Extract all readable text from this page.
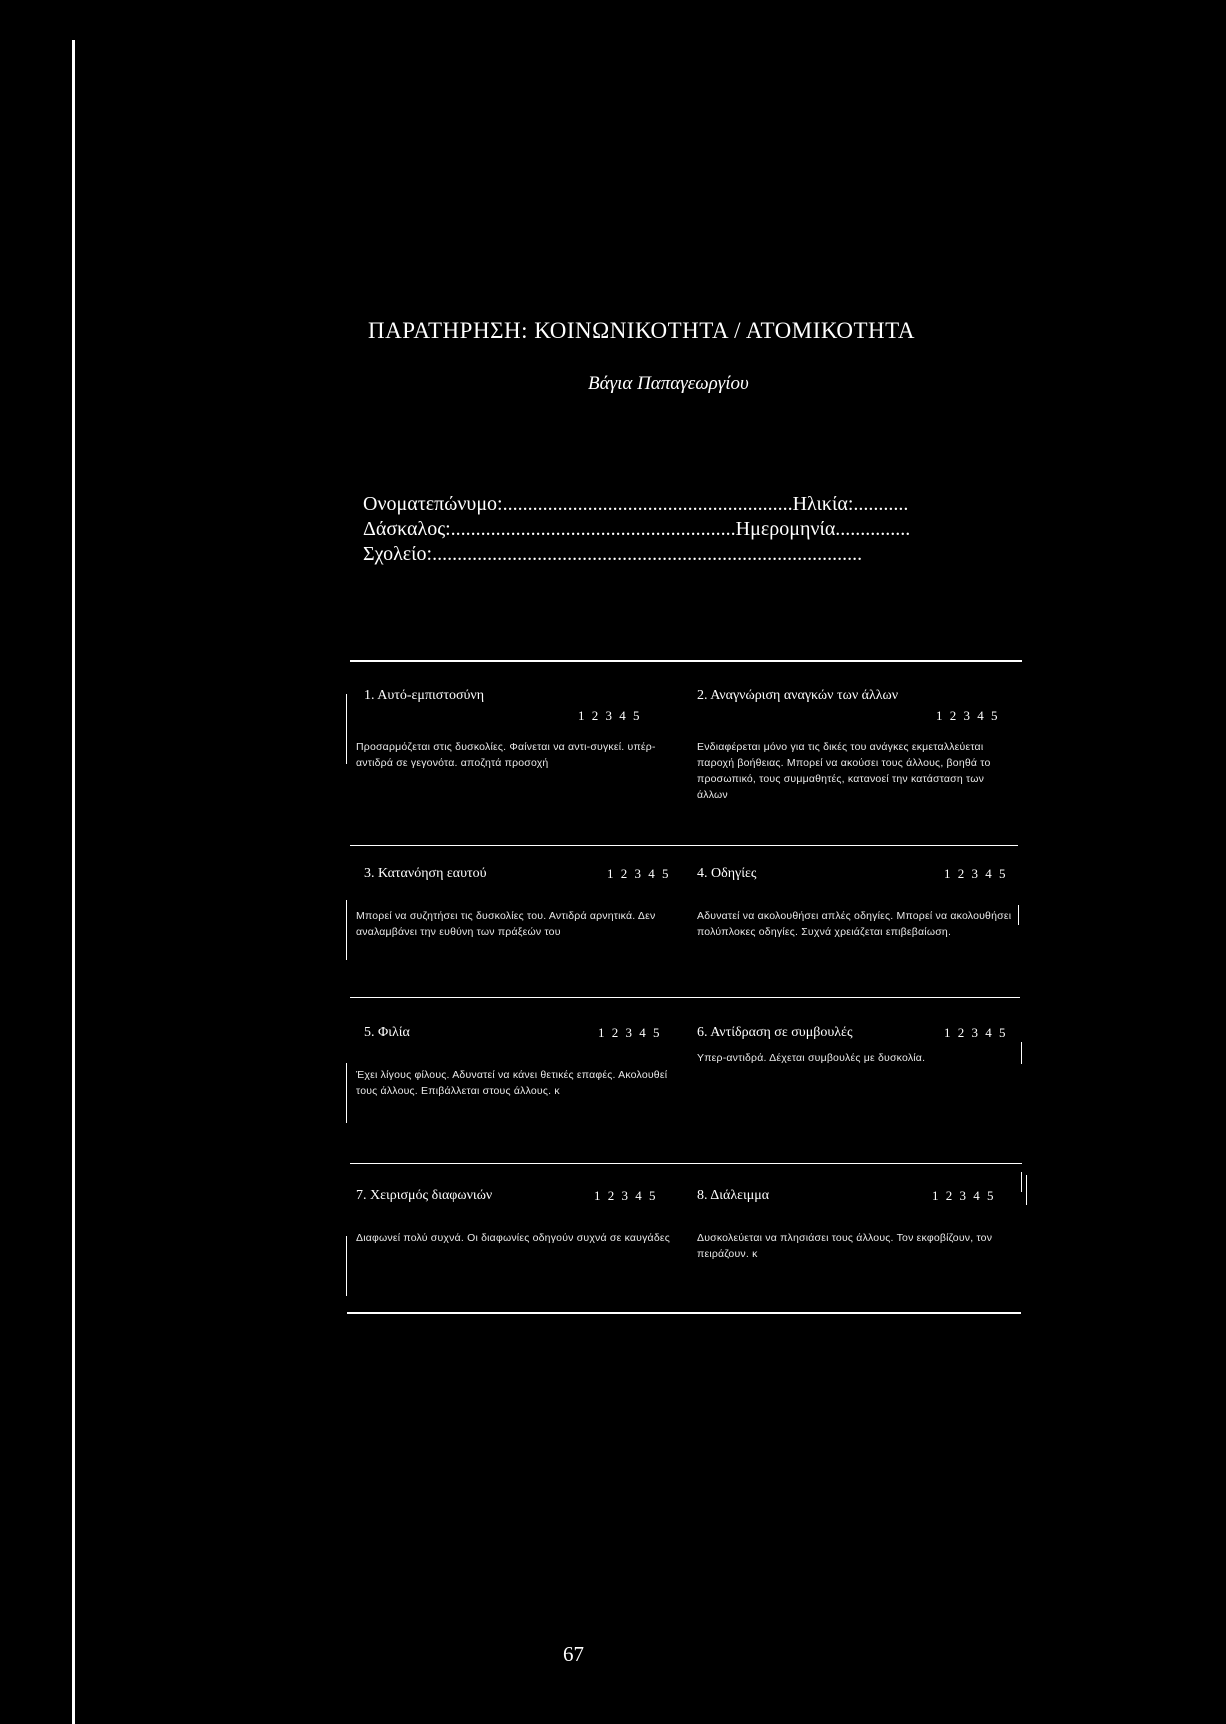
ΠΑΡΑΤΗΡΗΣΗ: ΚΟΙΝΩΝΙΚΟΤΗΤΑ / ΑΤΟΜΙΚΟΤΗΤΑ
Βάγια Παπαγεωργίου
Ονοματεπώνυμο:..........................................................Ηλικία:...........
Δάσκαλος:.........................................................Ημερομηνία...............
Σχολείο:......................................................................................
1. Αυτό-εμπιστοσύνη
1 2 3 4 5
Προσαρμόζεται στις δυσκολίες. Φαίνεται να αντι-συγκεί. υπέρ-αντιδρά σε γεγονότα. αποζητά προσοχή
2. Αναγνώριση αναγκών των άλλων
1 2 3 4 5
Ενδιαφέρεται μόνο για τις δικές του ανάγκες εκμεταλλεύεται παροχή βοήθειας. Μπορεί να ακούσει τους άλλους, βοηθά το προσωπικό, τους συμμαθητές, κατανοεί την κατάσταση των άλλων
3. Κατανόηση εαυτού	1 2 3 4 5
Μπορεί να συζητήσει τις δυσκολίες του. Αντιδρά αρνητικά. Δεν αναλαμβάνει την ευθύνη των πράξεών του
4. Οδηγίες	1 2 3 4 5
Αδυνατεί να ακολουθήσει απλές οδηγίες. Μπορεί να ακολουθήσει πολύπλοκες οδηγίες. Συχνά χρειάζεται επιβεβαίωση.
5. Φιλία	1 2 3 4 5
Έχει λίγους φίλους. Αδυνατεί να κάνει θετικές επαφές. Ακολουθεί τους άλλους. Επιβάλλεται στους άλλους. κ
6. Αντίδραση σε συμβουλές	1 2 3 4 5
Υπερ-αντιδρά. Δέχεται συμβουλές με δυσκολία.
7. Χειρισμός διαφωνιών	1 2 3 4 5
Διαφωνεί πολύ συχνά. Οι διαφωνίες οδηγούν συχνά σε καυγάδες
8. Διάλειμμα	1 2 3 4 5
Δυσκολεύεται να πλησιάσει τους άλλους. Τον εκφοβίζουν, τον πειράζουν. κ
67
